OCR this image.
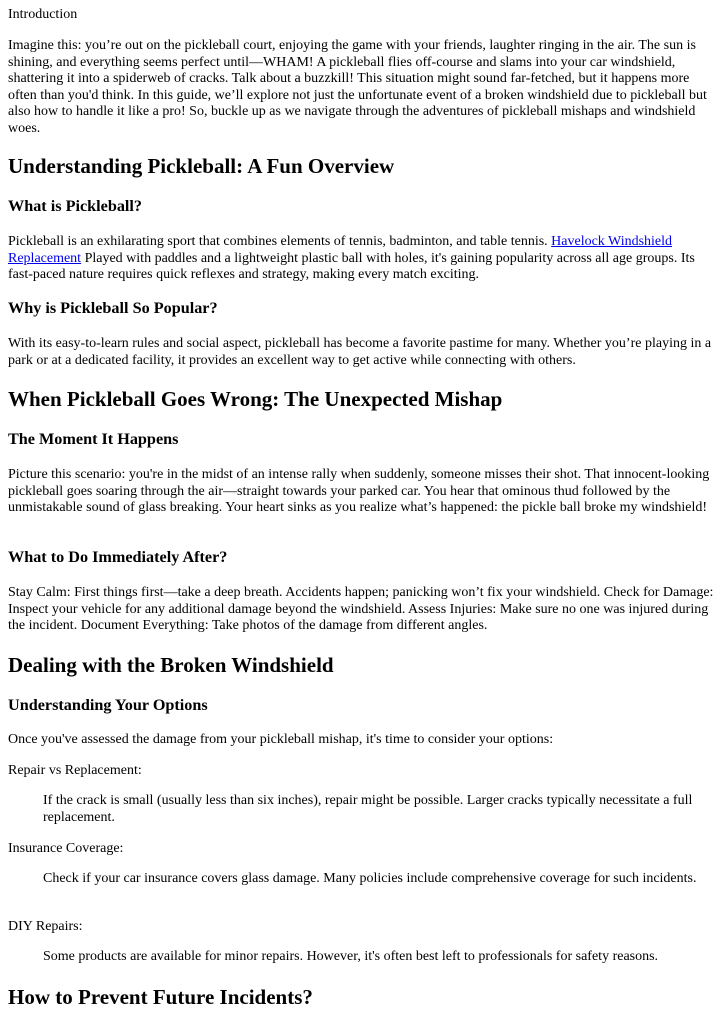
Introduction

Imagine this: you’re out on the pickleball court, enjoying the game with your friends, laughter ringing in the air. The sun is shining, and everything seems perfect until—WHAM! A pickleball flies off-course and slams into your car windshield, shattering it into a spiderweb of cracks. Talk about a buzzkill! This situation might sound far-fetched, but it happens more often than you'd think. In this guide, we’ll explore not just the unfortunate event of a broken windshield due to pickleball but also how to handle it like a pro! So, buckle up as we navigate through the adventures of pickleball mishaps and windshield woes.

Understanding Pickleball: A Fun Overview
What is Pickleball?

Pickleball is an exhilarating sport that combines elements of tennis, badminton, and table tennis. Havelock Windshield Replacement Played with paddles and a lightweight plastic ball with holes, it's gaining popularity across all age groups. Its fast-paced nature requires quick reflexes and strategy, making every match exciting.

Why is Pickleball So Popular?

With its easy-to-learn rules and social aspect, pickleball has become a favorite pastime for many. Whether you’re playing in a park or at a dedicated facility, it provides an excellent way to get active while connecting with others.

When Pickleball Goes Wrong: The Unexpected Mishap
The Moment It Happens

Picture this scenario: you're in the midst of an intense rally when suddenly, someone misses their shot. That innocent-looking pickleball goes soaring through the air—straight towards your parked car. You hear that ominous thud followed by the unmistakable sound of glass breaking. Your heart sinks as you realize what’s happened: the pickle ball broke my windshield!

What to Do Immediately After?

Stay Calm: First things first—take a deep breath. Accidents happen; panicking won’t fix your windshield. Check for Damage: Inspect your vehicle for any additional damage beyond the windshield. Assess Injuries: Make sure no one was injured during the incident. Document Everything: Take photos of the damage from different angles.

Dealing with the Broken Windshield
Understanding Your Options

Once you've assessed the damage from your pickleball mishap, it's time to consider your options:

Repair vs Replacement:

If the crack is small (usually less than six inches), repair might be possible. Larger cracks typically necessitate a full replacement.

Insurance Coverage:

Check if your car insurance covers glass damage. Many policies include comprehensive coverage for such incidents.

DIY Repairs:

Some products are available for minor repairs. However, it's often best left to professionals for safety reasons.

How to Prevent Future Incidents?
